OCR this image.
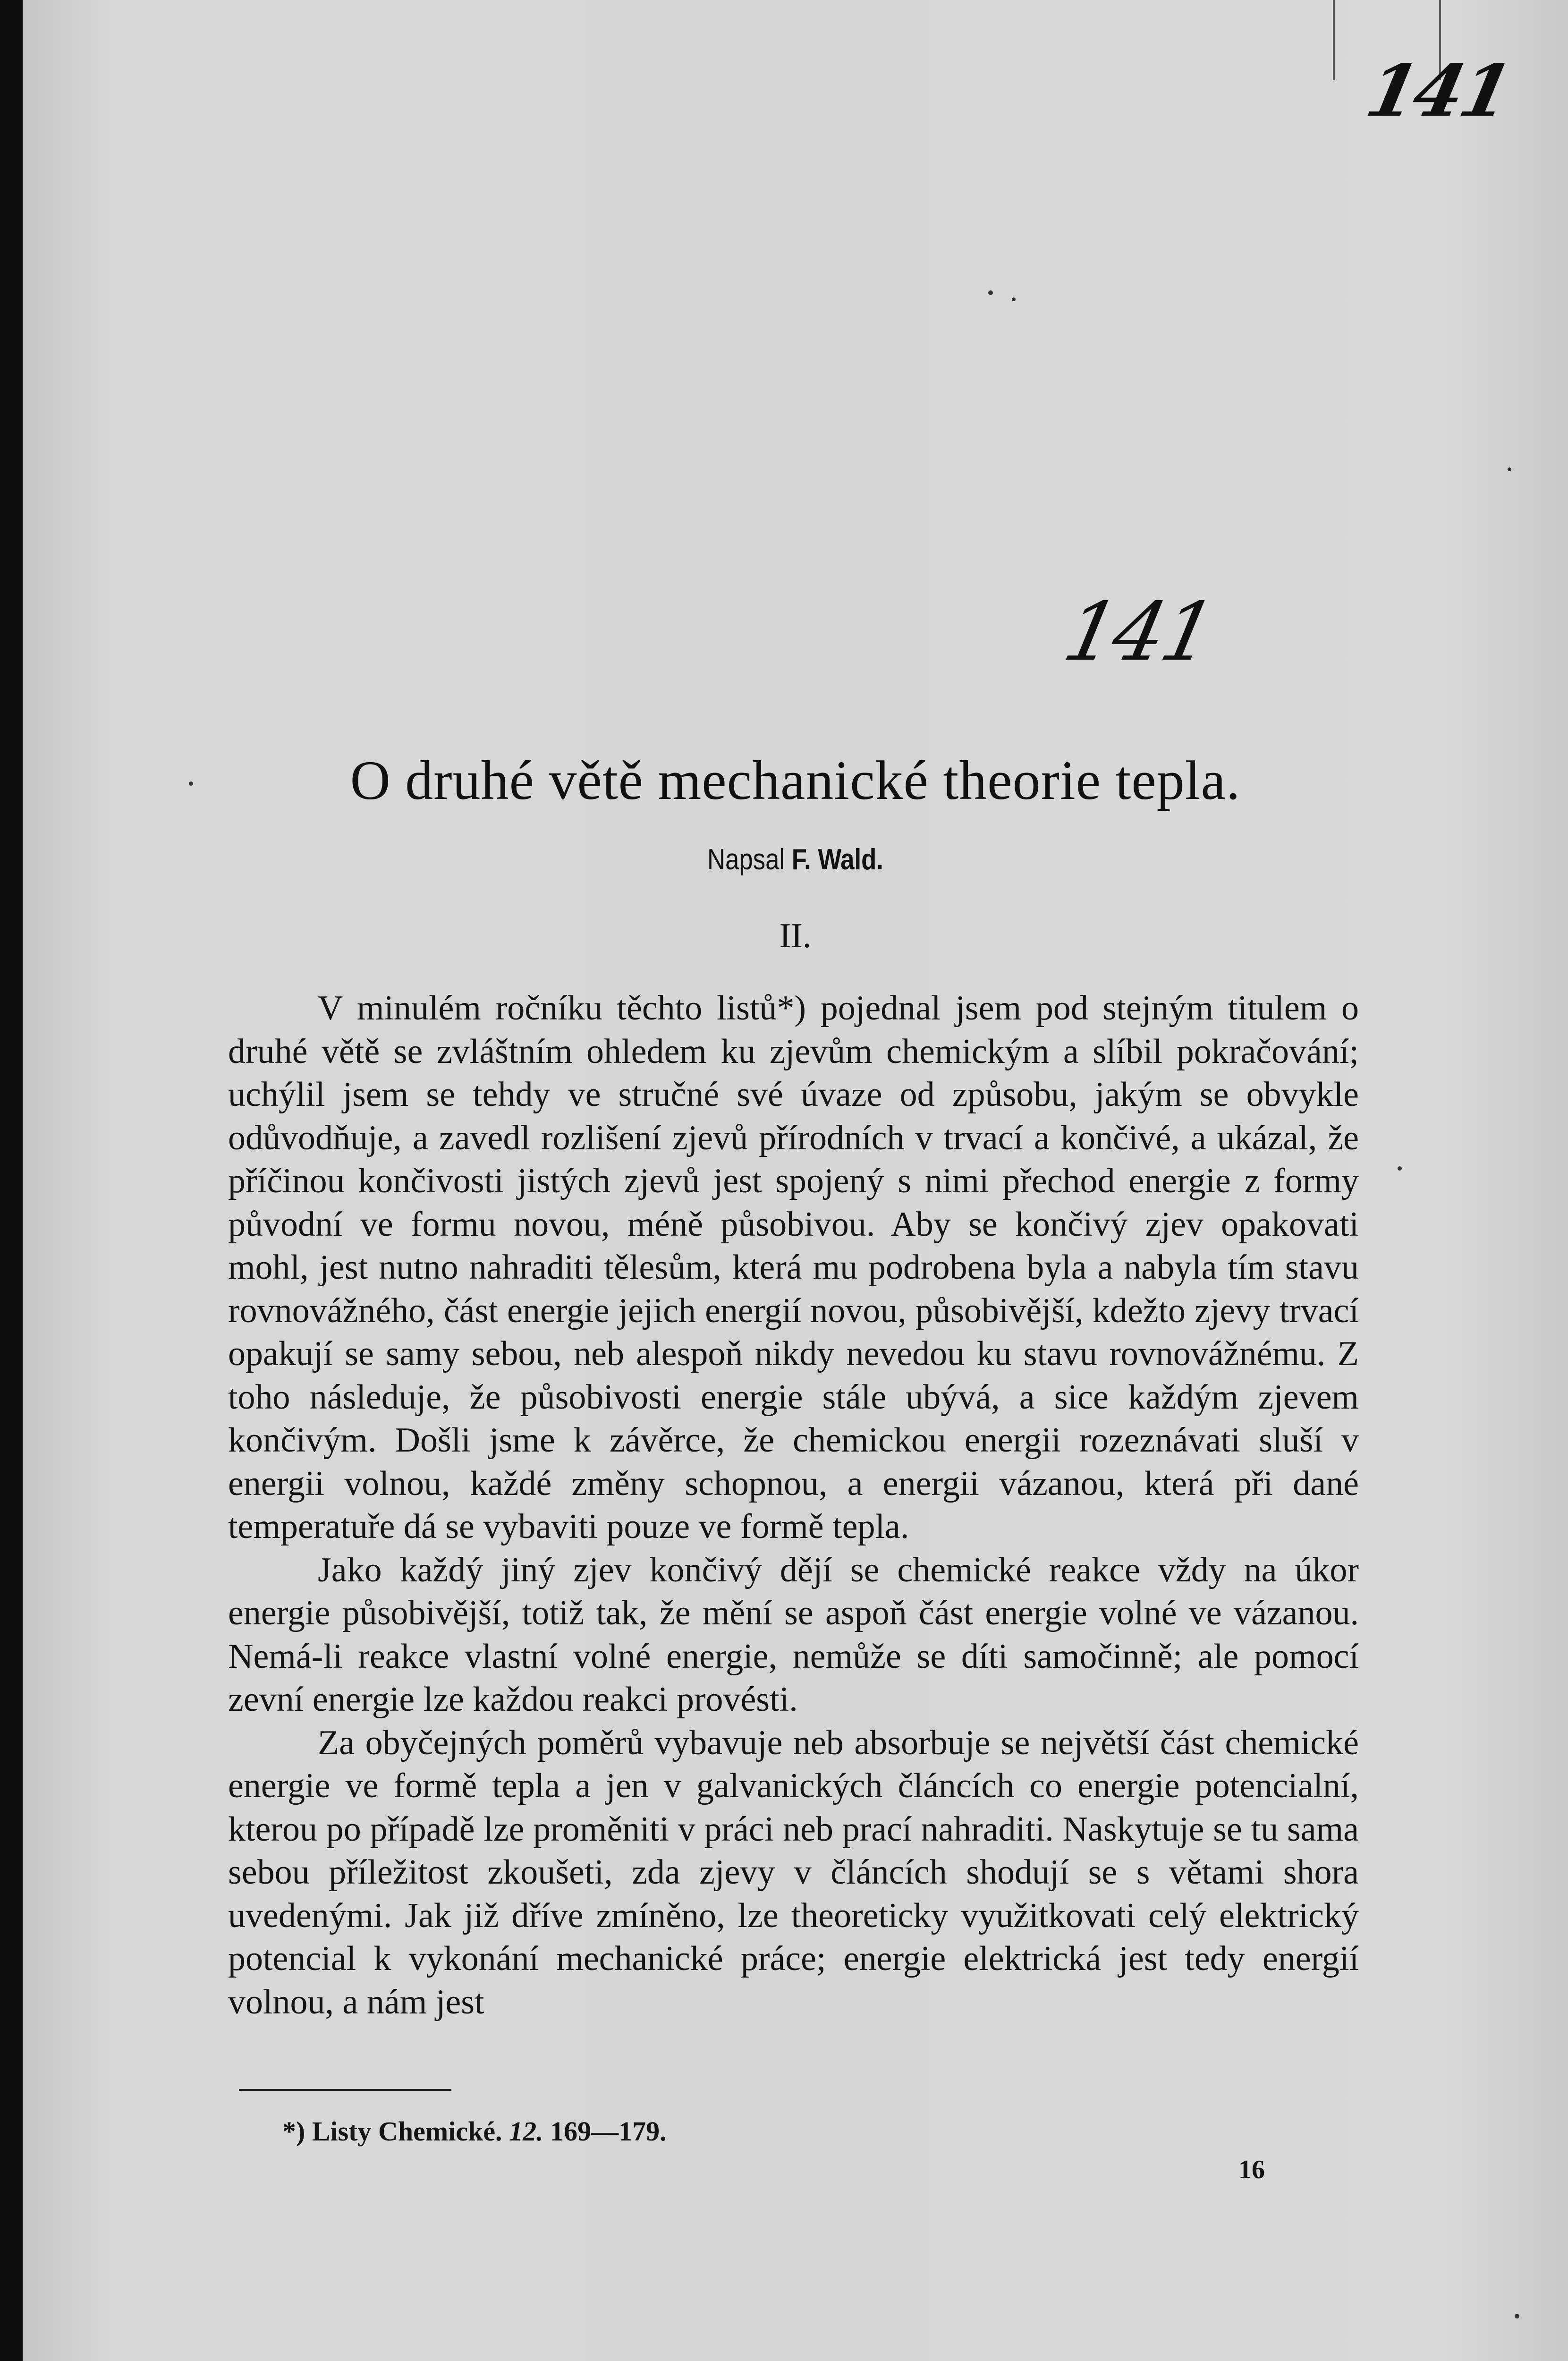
141
141
O druhé větě mechanické theorie tepla.
Napsal F. Wald.
II.

V minulém ročníku těchto listů*) pojednal jsem pod stejným titulem o druhé větě se zvláštním ohledem ku zjevům chemickým a slíbil pokračování; uchýlil jsem se tehdy ve stručné své úvaze od způsobu, jakým se obvykle odůvodňuje, a zavedl rozlišení zjevů přírodních v trvací a končivé, a ukázal, že příčinou končivosti jistých zjevů jest spojený s nimi přechod energie z formy původní ve formu novou, méně působivou. Aby se končivý zjev opakovati mohl, jest nutno nahraditi tělesům, která mu podrobena byla a nabyla tím stavu rovnovážného, část energie jejich energií novou, působivější, kdežto zjevy trvací opakují se samy sebou, neb alespoň nikdy nevedou ku stavu rovnovážnému. Z toho následuje, že působivosti energie stále ubývá, a sice každým zjevem končivým. Došli jsme k závěrce, že chemickou energii rozeznávati sluší v energii volnou, každé změny schopnou, a energii vázanou, která při dané temperatuře dá se vybaviti pouze ve formě tepla.

Jako každý jiný zjev končivý dějí se chemické reakce vždy na úkor energie působivější, totiž tak, že mění se aspoň část energie volné ve vázanou. Nemá-li reakce vlastní volné energie, nemůže se díti samočinně; ale pomocí zevní energie lze každou reakci provésti.

Za obyčejných poměrů vybavuje neb absorbuje se největší část chemické energie ve formě tepla a jen v galvanických článcích co energie potencialní, kterou po případě lze proměniti v práci neb prací nahraditi. Naskytuje se tu sama sebou příležitost zkoušeti, zda zjevy v článcích shodují se s větami shora uvedenými. Jak již dříve zmíněno, lze theoreticky využitkovati celý elektrický potencial k vykonání mechanické práce; energie elektrická jest tedy energií volnou, a nám jest

*) Listy Chemické. 12. 169—179.
16
